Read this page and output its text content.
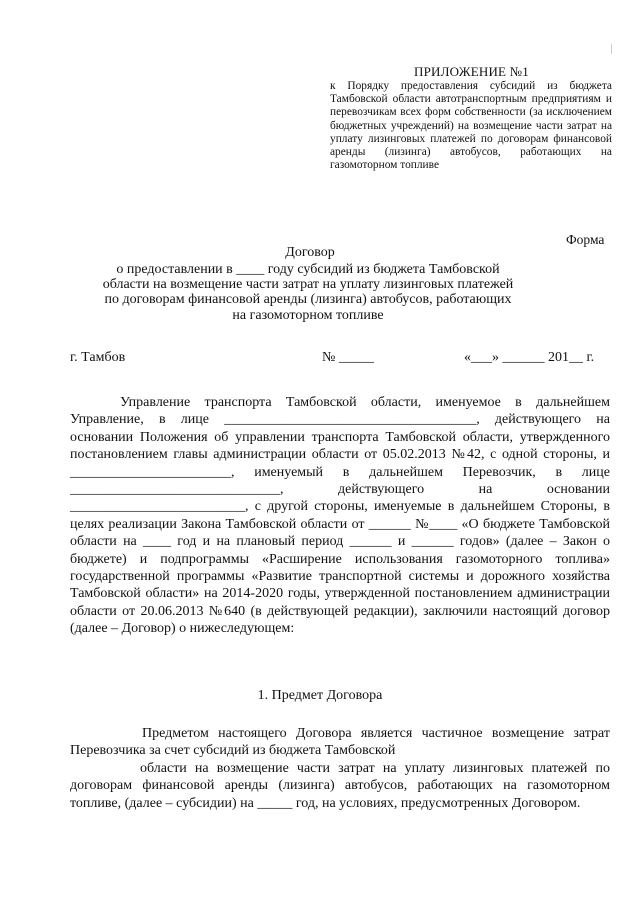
ПРИЛОЖЕНИЕ №1
к Порядку предоставления субсидий из бюджета Тамбовской области автотранспортным предприятиям и перевозчикам всех форм собственности (за исключением бюджетных учреждений) на возмещение части затрат на уплату лизинговых платежей по договорам финансовой аренды (лизинга) автобусов, работающих на газомоторном топливе
Форма
Договор
о предоставлении в ____ году субсидий из бюджета Тамбовской области на возмещение части затрат на уплату лизинговых платежей по договорам финансовой аренды (лизинга) автобусов, работающих на газомоторном топливе
г. Тамбов	№ _____	«___» ______ 201__ г.

Управление транспорта Тамбовской области, именуемое в дальнейшем Управление, в лице ____________________________________, действующего на основании Положения об управлении транспорта Тамбовской области, утвержденного постановлением главы администрации области от 05.02.2013 №42, с одной стороны, и _______________________, именуемый в дальнейшем Перевозчик, в лице ______________________________, действующего на основании _________________________, с другой стороны, именуемые в дальнейшем Стороны, в целях реализации Закона Тамбовской области от ______ №____ «О бюджете Тамбовской области на ____ год и на плановый период ______ и ______ годов» (далее – Закон о бюджете) и подпрограммы «Расширение использования газомоторного топлива» государственной программы «Развитие транспортной системы и дорожного хозяйства Тамбовской области» на 2014-2020 годы, утвержденной постановлением администрации области от 20.06.2013 №640 (в действующей редакции), заключили настоящий договор (далее – Договор) о нижеследующем:

1. Предмет Договора

Предметом настоящего Договора является частичное возмещение затрат Перевозчика за счет субсидий из бюджета Тамбовской

области на возмещение части затрат на уплату лизинговых платежей по договорам финансовой аренды (лизинга) автобусов, работающих на газомоторном топливе, (далее – субсидии) на _____ год, на условиях, предусмотренных Договором.
